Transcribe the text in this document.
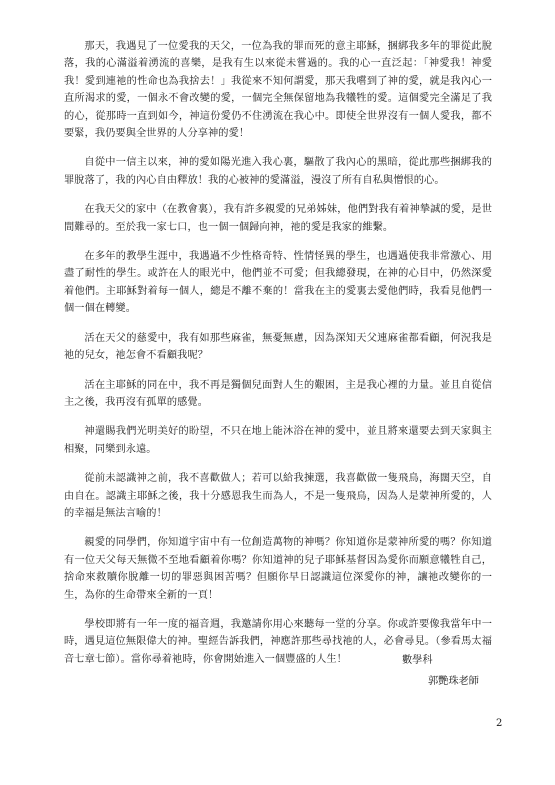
那天，我遇見了一位愛我的天父，一位為我的罪而死的意主耶穌，捆綁我多年的罪從此脫落，我的心滿溢着湧流的喜樂，是我有生以來從未嘗過的。我的心一直泛起：「神愛我！神愛我！愛到連祂的性命也為我捨去！」我從來不知何謂愛，那天我嚐到了神的愛，就是我內心一直所渴求的愛，一個永不會改變的愛，一個完全無保留地為我犧牲的愛。這個愛完全滿足了我的心，從那時一直到如今，神這份愛仍不住湧流在我心中。即使全世界沒有一個人愛我，都不要緊，我仍要與全世界的人分享神的愛！

自從中一信主以來，神的愛如陽光進入我心裏，驅散了我內心的黑暗，從此那些捆綁我的罪脫落了，我的內心自由釋放！我的心被神的愛滿溢，漫沒了所有自私與憎恨的心。

在我天父的家中（在教會裏），我有許多親愛的兄弟姊妹，他們對我有着神摯誠的愛，是世間難尋的。至於我一家七口，也一個一個歸向神，祂的愛是我家的維繫。

在多年的教學生涯中，我遇過不少性格奇特、性情怪異的學生，也遇過使我非常激心、用盡了耐性的學生。或許在人的眼光中，他們並不可愛；但我總發現，在神的心目中，仍然深愛着他們。主耶穌對着每一個人，總是不離不棄的！當我在主的愛裏去愛他們時，我看見他們一個一個在轉變。

活在天父的慈愛中，我有如那些麻雀，無憂無慮，因為深知天父連麻雀都看顧，何況我是祂的兒女，祂怎會不看顧我呢？

活在主耶穌的同在中，我不再是獨個兒面對人生的艱困，主是我心裡的力量。並且自從信主之後，我再沒有孤單的感覺。

神還賜我們光明美好的盼望，不只在地上能沐浴在神的愛中，並且將來還要去到天家與主相聚，同樂到永遠。

從前未認識神之前，我不喜歡做人；若可以給我揀選，我喜歡做一隻飛鳥，海闊天空，自由自在。認識主耶穌之後，我十分感恩我生而為人，不是一隻飛鳥，因為人是蒙神所愛的，人的幸福是無法言喻的！

親愛的同學們，你知道宇宙中有一位創造萬物的神嗎？你知道你是蒙神所愛的嗎？你知道有一位天父每天無微不至地看顧着你嗎？你知道神的兒子耶穌基督因為愛你而願意犧牲自己，捨命來救贖你脫離一切的罪惡與困苦嗎？但願你早日認識這位深愛你的神，讓祂改變你的一生，為你的生命帶來全新的一頁！

學校即將有一年一度的福音週，我邀請你用心來聽每一堂的分享。你或許要像我當年中一時，遇見這位無限偉大的神。聖經告訴我們，神應許那些尋找祂的人，必會尋見。（參看馬太福音七章七節）。當你尋着祂時，你會開始進入一個豐盛的人生！	數學科
郭艷珠老師
2
